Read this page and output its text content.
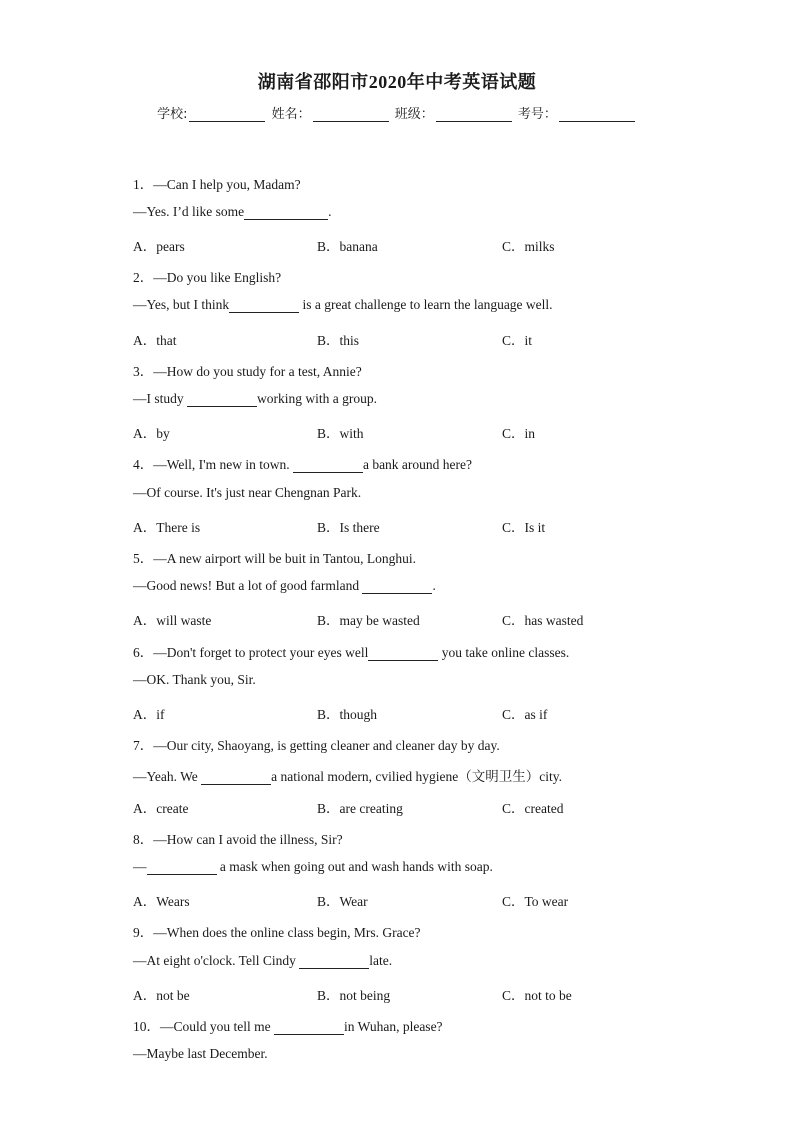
湖南省邵阳市2020年中考英语试题
学校:	姓名：	班级：	考号：
1．—Can I help you, Madam?
—Yes. I’d like some	.
A．pears	B．banana	C．milks
2．—Do you like English?
—Yes, but I think	is a great challenge to learn the language well.
A．that	B．this	C．it
3．—How do you study for a test, Annie?
—I study	working with a group.
A．by	B．with	C．in
4．—Well, I'm new in town.	a bank around here?
—Of course. It's just near Chengnan Park.
A．There is	B．Is there	C．Is it
5．—A new airport will be buit in Tantou, Longhui.
—Good news! But a lot of good farmland	.
A．will waste	B．may be wasted	C．has wasted
6．—Don't forget to protect your eyes well	you take online classes.
—OK. Thank you, Sir.
A．if	B．though	C．as if
7．—Our city, Shaoyang, is getting cleaner and cleaner day by day.
—Yeah. We	a national modern, cvilied hygiene（文明卫生）city.
A．create	B．are creating	C．created
8．—How can I avoid the illness, Sir?
—	a mask when going out and wash hands with soap.
A．Wears	B．Wear	C．To wear
9．—When does the online class begin, Mrs. Grace?
—At eight o'clock. Tell Cindy	late.
A．not be	B．not being	C．not to be
10．—Could you tell me	in Wuhan, please?
—Maybe last December.
